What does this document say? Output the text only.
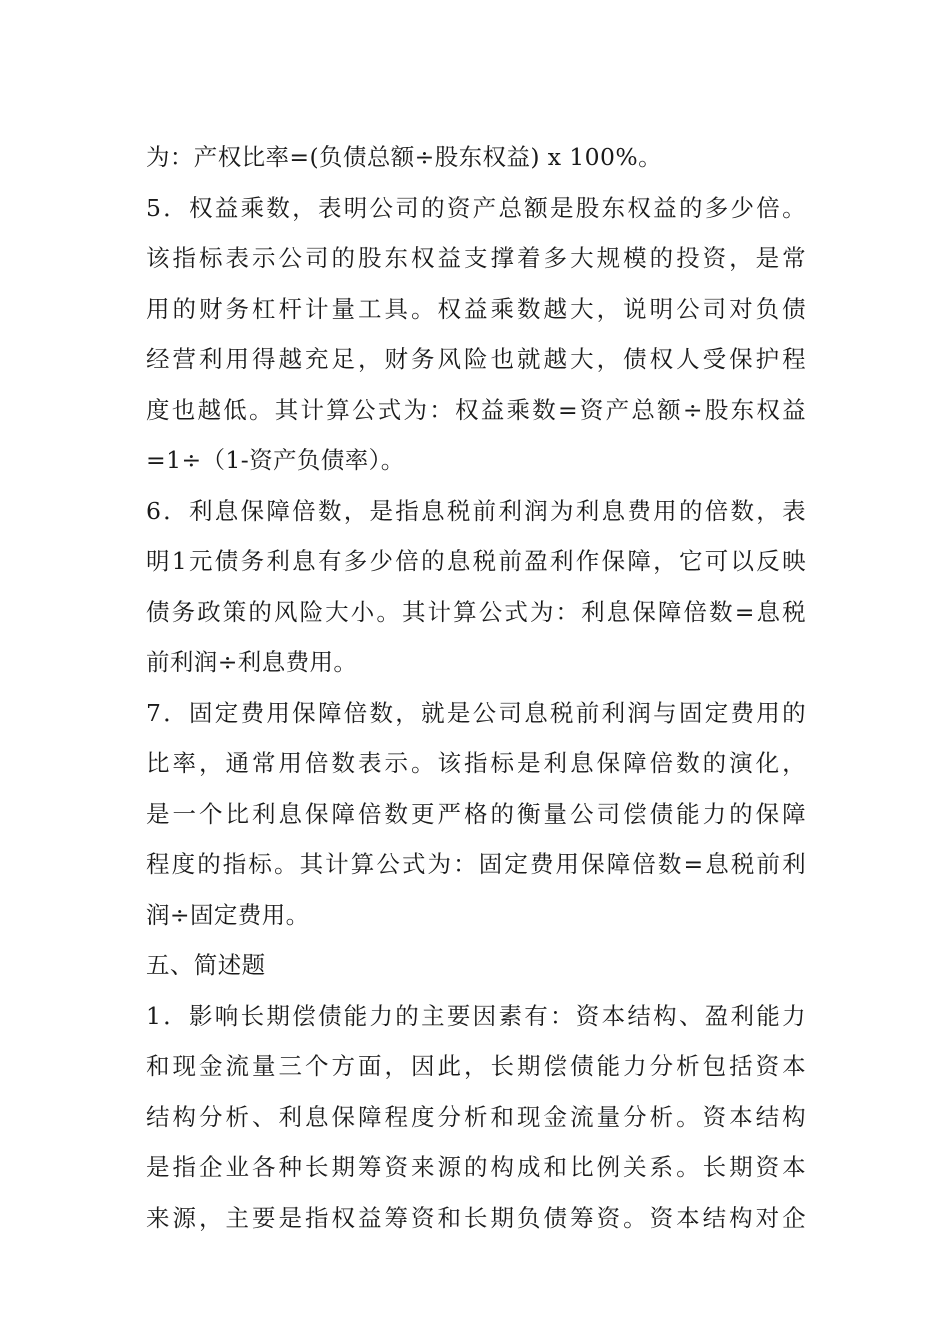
为：产权比率=(负债总额÷股东权益) x 100%。
5．权益乘数，表明公司的资产总额是股东权益的多少倍。
该指标表示公司的股东权益支撑着多大规模的投资，是常
用的财务杠杆计量工具。权益乘数越大，说明公司对负债
经营利用得越充足，财务风险也就越大，债权人受保护程
度也越低。其计算公式为：权益乘数=资产总额÷股东权益
=1÷（1-资产负债率）。
6．利息保障倍数，是指息税前利润为利息费用的倍数，表
明1元债务利息有多少倍的息税前盈利作保障，它可以反映
债务政策的风险大小。其计算公式为：利息保障倍数=息税
前利润÷利息费用。
7．固定费用保障倍数，就是公司息税前利润与固定费用的
比率，通常用倍数表示。该指标是利息保障倍数的演化，
是一个比利息保障倍数更严格的衡量公司偿债能力的保障
程度的指标。其计算公式为：固定费用保障倍数=息税前利
润÷固定费用。
五、简述题
1．影响长期偿债能力的主要因素有：资本结构、盈利能力
和现金流量三个方面，因此，长期偿债能力分析包括资本
结构分析、利息保障程度分析和现金流量分析。资本结构
是指企业各种长期筹资来源的构成和比例关系。长期资本
来源，主要是指权益筹资和长期负债筹资。资本结构对企
